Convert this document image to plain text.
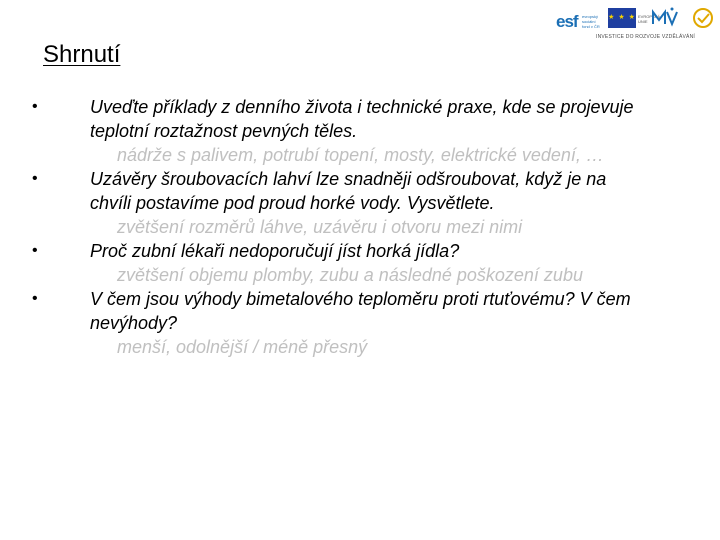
esf evropský sociální fond v ČR
★ ★ ★ EVROPSKÁ UNIE
INVESTICE DO ROZVOJE VZDĚLÁVÁNÍ
Shrnutí
•	Uveďte příklady z denního života i technické praxe, kde se projevuje teplotní roztažnost pevných těles.

nádrže s palivem, potrubí topení, mosty, elektrické vedení, …

•	Uzávěry šroubovacích lahví lze snadněji odšroubovat, když je na chvíli postavíme pod proud horké vody. Vysvětlete.

zvětšení rozměrů láhve, uzávěru i otvoru mezi nimi

•	Proč zubní lékaři nedoporučují jíst horká jídla?

zvětšení objemu plomby, zubu a následné poškození zubu

•	V čem jsou výhody bimetalového teploměru proti rtuťovému? V čem nevýhody?

menší, odolnější / méně přesný
